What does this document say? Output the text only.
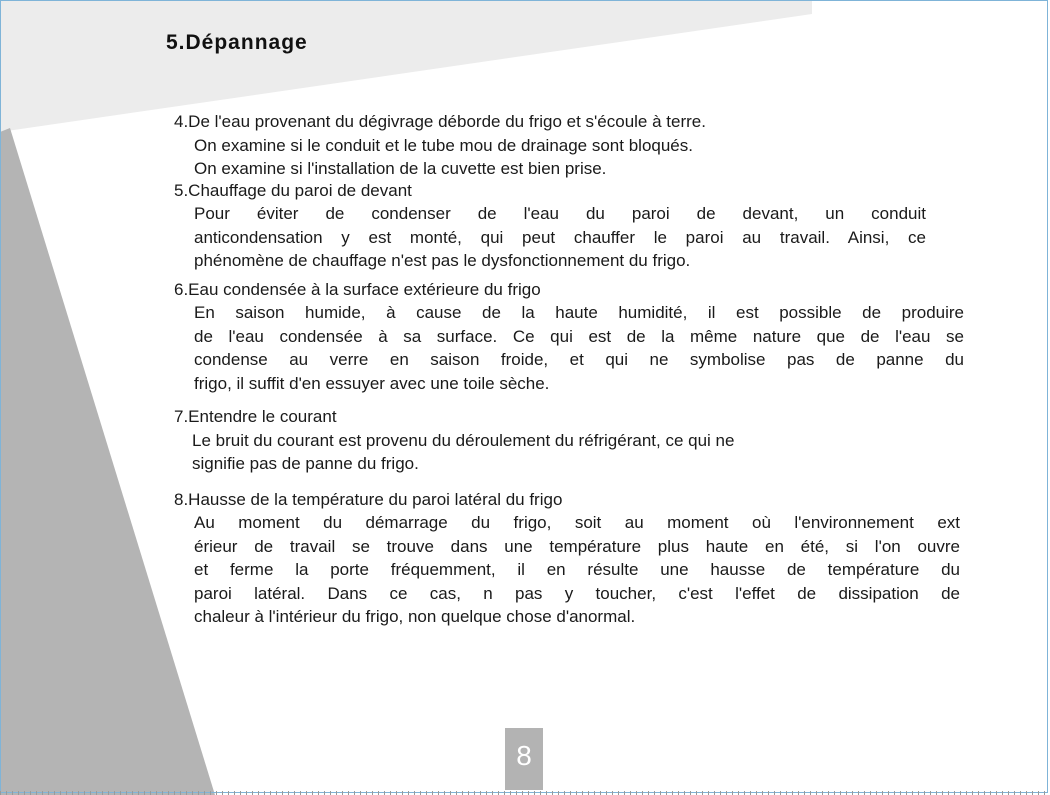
5.Dépannage

4.De l'eau provenant du dégivrage déborde du frigo et s'écoule à terre.

On examine si le conduit et le tube mou de drainage sont bloqués.
On examine si l'installation de la cuvette est bien prise.

5.Chauffage du paroi de devant

Pour éviter de condenser de l'eau du paroi de devant, un conduit
anticondensation y est monté, qui peut chauffer le paroi au travail. Ainsi, ce
phénomène de chauffage n'est pas le dysfonctionnement du frigo.

6.Eau condensée à la surface extérieure du frigo

En saison humide, à cause de la haute humidité, il est possible de produire
de l'eau condensée à sa surface. Ce qui est de la même nature que de l'eau se
condense au verre en saison froide, et qui ne symbolise pas de panne du
frigo, il suffit d'en essuyer avec une toile sèche.

7.Entendre le courant

Le bruit du courant est provenu du déroulement du réfrigérant, ce qui ne
signifie pas de panne du frigo.

8.Hausse de la température du paroi latéral du frigo

Au moment du démarrage du frigo, soit au moment où l'environnement ext
érieur de travail se trouve dans une température plus haute en été, si l'on ouvre
et ferme la porte fréquemment, il en résulte une hausse de température du
paroi latéral. Dans ce cas, n pas y toucher, c'est l'effet de dissipation de
chaleur à l'intérieur du frigo, non quelque chose d'anormal.
8
